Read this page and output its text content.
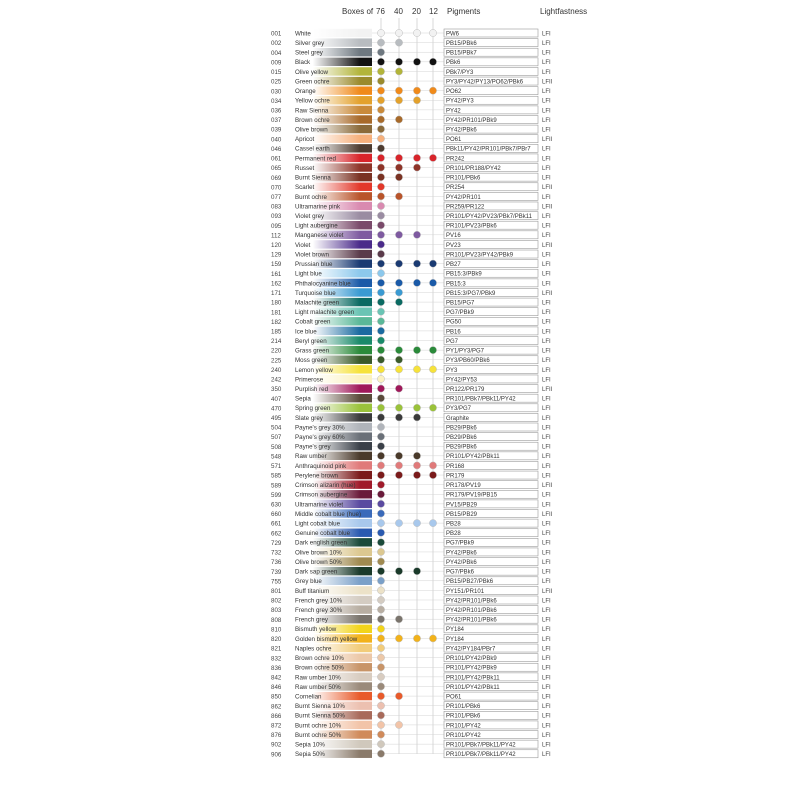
Boxes of 76 40 20 12 Pigments	Lightfastness
001 White	PW6	LFI
002 Silver grey	PB15/PBk6	LFI
004 Steel grey	PB15/PBk7	LFI
009 Black	PBk6	LFI
015 Olive yellow	PBk7/PY3	LFI
025 Green ochre	PY3/PY42/PY13/PO62/PBk6	LFII
030 Orange	PO62	LFI
034 Yellow ochre	PY42/PY3	LFI
036 Raw Sienna	PY42	LFI
037 Brown ochre	PY42/PR101/PBk9	LFI
039 Olive brown	PY42/PBk6	LFI
040 Apricot	PO61	LFII
046 Cassel earth	PBk11/PY42/PR101/PBk7/PBr7 LFI
061 Permanent red	PR242	LFI
065 Russet	PR101/PR188/PY42	LFI
069 Burnt Sienna	PR101/PBk6	LFI
070 Scarlet	PR254	LFII
077 Burnt ochre	PY42/PR101	LFI
083 Ultramarine pink	PR259/PR122	LFII
093 Violet grey	PR101/PY42/PV23/PBk7/PBk11 LFI
095 Light aubergine	PR101/PV23/PBk6	LFI
112 Manganese violet	PV16	LFI
120 Violet	PV23	LFII
129 Violet brown	PR101/PV23/PY42/PBk9	LFI
159 Prussian blue	PB27	LFI
161 Light blue	PB15:3/PBk9	LFI
162 Phthalocyanine blue	PB15:3	LFI
171 Turquoise blue	PB15:3/PG7/PBk9	LFII
180 Malachite green	PB15/PG7	LFI
181 Light malachite green	PG7/PBk9	LFI
182 Cobalt green	PG50	LFI
185 Ice blue	PB16	LFI
214 Beryl green	PG7	LFI
220 Grass green	PY1/PY3/PG7	LFI
225 Moss green	PY3/PB60/PBk6	LFI
240 Lemon yellow	PY3	LFI
242 Primerose	PY42/PY53	LFI
350 Purplish red	PR122/PR179	LFII
407 Sepia	PR101/PBk7/PBk11/PY42	LFI
470 Spring green	PY3/PG7	LFI
495 Slate grey	Graphite	LFI
504 Payne's grey 30%	PB29/PBk6	LFI
507 Payne's grey 60%	PB29/PBk6	LFI
508 Payne's grey	PB29/PBk6	LFI
548 Raw umber	PR101/PY42/PBk11	LFI
571 Anthraquinoid pink	PR168	LFI
585 Perylene brown	PR179	LFI
589 Crimson alizarin (hue)	PR178/PV19	LFII
599 Crimson aubergine	PR179/PV19/PB15	LFI
630 Ultramarine violet	PV15/PB29	LFI
660 Middle cobalt blue (hue)	PB15/PB29	LFII
661 Light cobalt blue	PB28	LFI
662 Genuine cobalt blue	PB28	LFI
729 Dark english green	PG7/PBk9	LFI
732 Olive brown 10%	PY42/PBk6	LFI
736 Olive brown 50%	PY42/PBk6	LFI
739 Dark sap green	PG7/PBk6	LFI
755 Grey blue	PB15/PB27/PBk6	LFI
801 Buff titanium	PY151/PR101	LFII
802 French grey 10%	PY42/PR101/PBk6	LFI
803 French grey 30%	PY42/PR101/PBk6	LFI
808 French grey	PY42/PR101/PBk6	LFI
810 Bismuth yellow	PY184	LFI
820 Golden bismuth yellow	PY184	LFI
821 Naples ochre	PY42/PY184/PBr7	LFI
832 Brown ochre 10%	PR101/PY42/PBk9	LFI
836 Brown ochre 50%	PR101/PY42/PBk9	LFI
842 Raw umber 10%	PR101/PY42/PBk11	LFI
846 Raw umber 50%	PR101/PY42/PBk11	LFI
850 Cornelian	PO61	LFI
862 Burnt Sienna 10%	PR101/PBk6	LFI
866 Burnt Sienna 50%	PR101/PBk6	LFI
872 Burnt ochre 10%	PR101/PY42	LFI
876 Burnt ochre 50%	PR101/PY42	LFI
902 Sepia 10%	PR101/PBk7/PBk11/PY42	LFI
906 Sepia 50%	PR101/PBk7/PBk11/PY42	LFI
